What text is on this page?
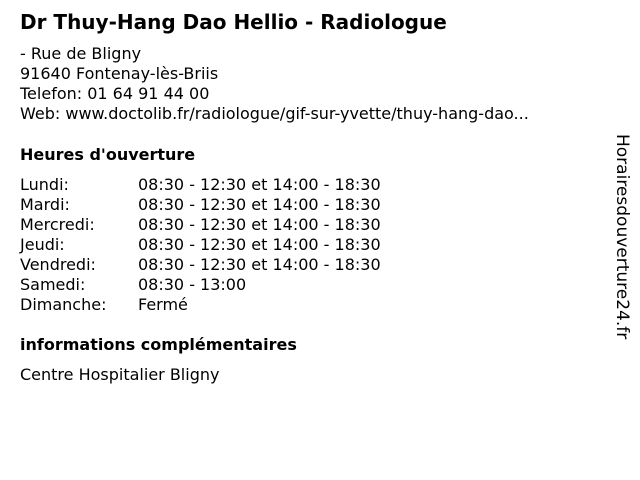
Dr Thuy-Hang Dao Hellio - Radiologue
- Rue de Bligny
91640 Fontenay-lès-Briis
Telefon: 01 64 91 44 00
Web: www.doctolib.fr/radiologue/gif-sur-yvette/thuy-hang-dao...
Heures d'ouverture
Lundi:	08:30 - 12:30 et 14:00 - 18:30
Mardi:	08:30 - 12:30 et 14:00 - 18:30
Mercredi:	08:30 - 12:30 et 14:00 - 18:30
Jeudi:	08:30 - 12:30 et 14:00 - 18:30
Vendredi:	08:30 - 12:30 et 14:00 - 18:30
Samedi:	08:30 - 13:00
Dimanche:	Fermé
informations complémentaires
Centre Hospitalier Bligny
Horairesdouverture24.fr
